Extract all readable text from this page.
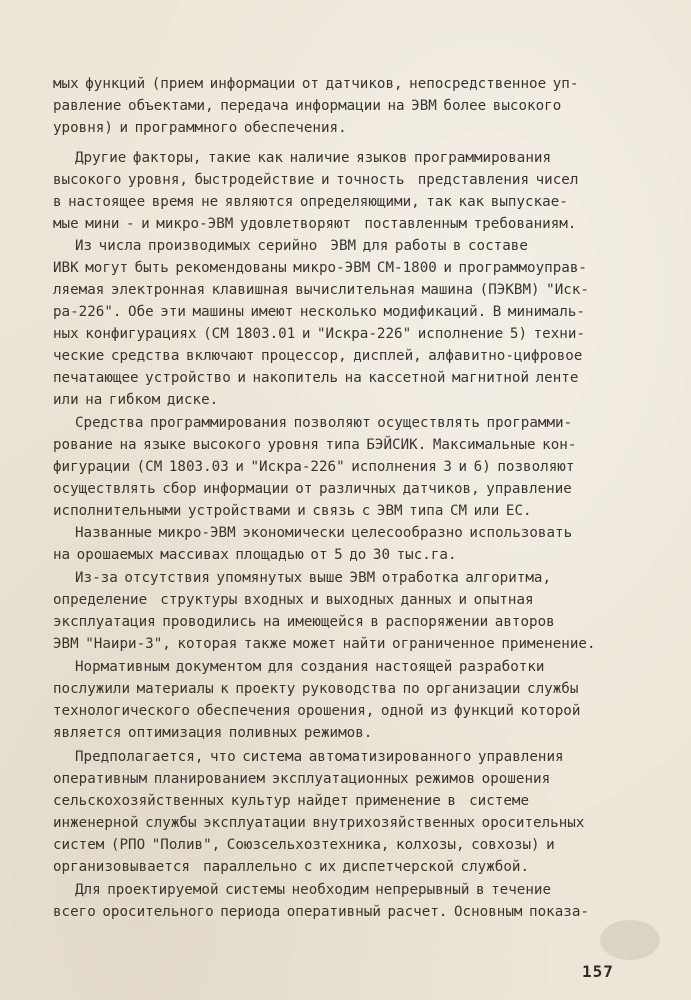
мых функций (прием информации от датчиков, непосредственное уп-
равление объектами, передача информации на ЭВМ более высокого
уровня) и программного обеспечения.
Другие факторы, такие как наличие языков программирования
высокого уровня, быстродействие и точность  представления чисел
в настоящее время не являются определяющими, так как выпускае-
мые мини - и микро-ЭВМ удовлетворяют  поставленным требованиям.
Из числа производимых серийно  ЭВМ для работы в составе
ИВК могут быть рекомендованы микро-ЭВМ СМ-1800 и программоуправ-
ляемая электронная клавишная вычислительная машина (ПЭКВМ) "Иск-
ра-226". Обе эти машины имеют несколько модификаций. В минималь-
ных конфигурациях (СМ 1803.01 и "Искра-226" исполнение 5) техни-
ческие средства включают процессор, дисплей, алфавитно-цифровое
печатающее устройство и накопитель на кассетной магнитной ленте
или на гибком диске.
Средства программирования позволяют осуществлять программи-
рование на языке высокого уровня типа БЭЙСИК. Максимальные кон-
фигурации (СМ 1803.03 и "Искра-226" исполнения 3 и 6) позволяют
осуществлять сбор информации от различных датчиков, управление
исполнительными устройствами и связь с ЭВМ типа СМ или ЕС.
Названные микро-ЭВМ экономически целесообразно использовать
на орошаемых массивах площадью от 5 до 30 тыс.га.
Из-за отсутствия упомянутых выше ЭВМ отработка алгоритма,
определение  структуры входных и выходных данных и опытная
эксплуатация проводились на имеющейся в распоряжении авторов
ЭВМ "Наири-3", которая также может найти ограниченное применение.
Нормативным документом для создания настоящей разработки
послужили материалы к проекту руководства по организации службы
технологического обеспечения орошения, одной из функций которой
является оптимизация поливных режимов.
Предполагается, что система автоматизированного управления
оперативным планированием эксплуатационных режимов орошения
сельскохозяйственных культур найдет применение в  системе
инженерной службы эксплуатации внутрихозяйственных оросительных
систем (РПО "Полив", Союзсельхозтехника, колхозы, совхозы) и
организовывается  параллельно с их диспетчерской службой.
Для проектируемой системы необходим непрерывный в течение
всего оросительного периода оперативный расчет. Основным показа-
157
